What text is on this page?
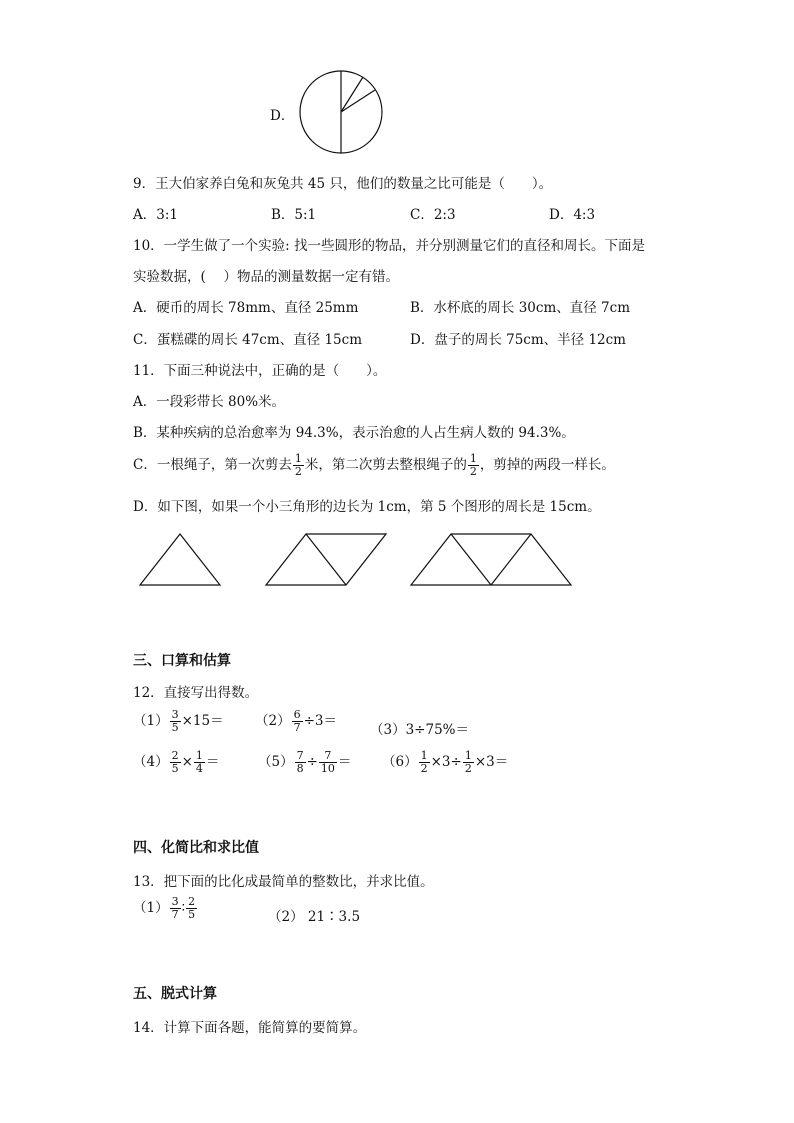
D．
9．王大伯家养白兔和灰兔共 45 只，他们的数量之比可能是（　　）。
A．3:1	B．5:1	C．2:3	D．4:3
10．一学生做了一个实验: 找一些圆形的物品，并分别测量它们的直径和周长。下面是
实验数据，(　 ）物品的测量数据一定有错。
A．硬币的周长 78mm、直径 25mm	B．水杯底的周长 30cm、直径 7cm
C．蛋糕碟的周长 47cm、直径 15cm	D．盘子的周长 75cm、半径 12cm
11．下面三种说法中，正确的是（　　）。
A．一段彩带长 80%米。
B．某种疾病的总治愈率为 94.3%，表示治愈的人占生病人数的 94.3%。
C．一根绳子，第一次剪去 $\frac{1}{2}$ 米，第二次剪去整根绳子的 $\frac{1}{2}$ ，剪掉的两段一样长。
D．如下图，如果一个小三角形的边长为 1cm，第 5 个图形的周长是 15cm。
三、口算和估算
12．直接写出得数。
$(1) \frac{3}{5} \times 15= (2) \frac{6}{7} \div 3=$
（3）3÷75%＝
$(4) \frac{2}{5} \times \frac{1}{4}$ ＝	$(5) \frac{7}{8} \div \frac{7}{10} = (6) \frac{1}{2} \times 3\div \frac{1}{2} \times 3=$
四、化简比和求比值
13．把下面的比化成最简单的整数比，并求比值。
$(1) \frac{3}{7}$ ∶ $\frac{2}{5}$	（2） 21∶3.5
五、脱式计算
14．计算下面各题，能简算的要简算。
